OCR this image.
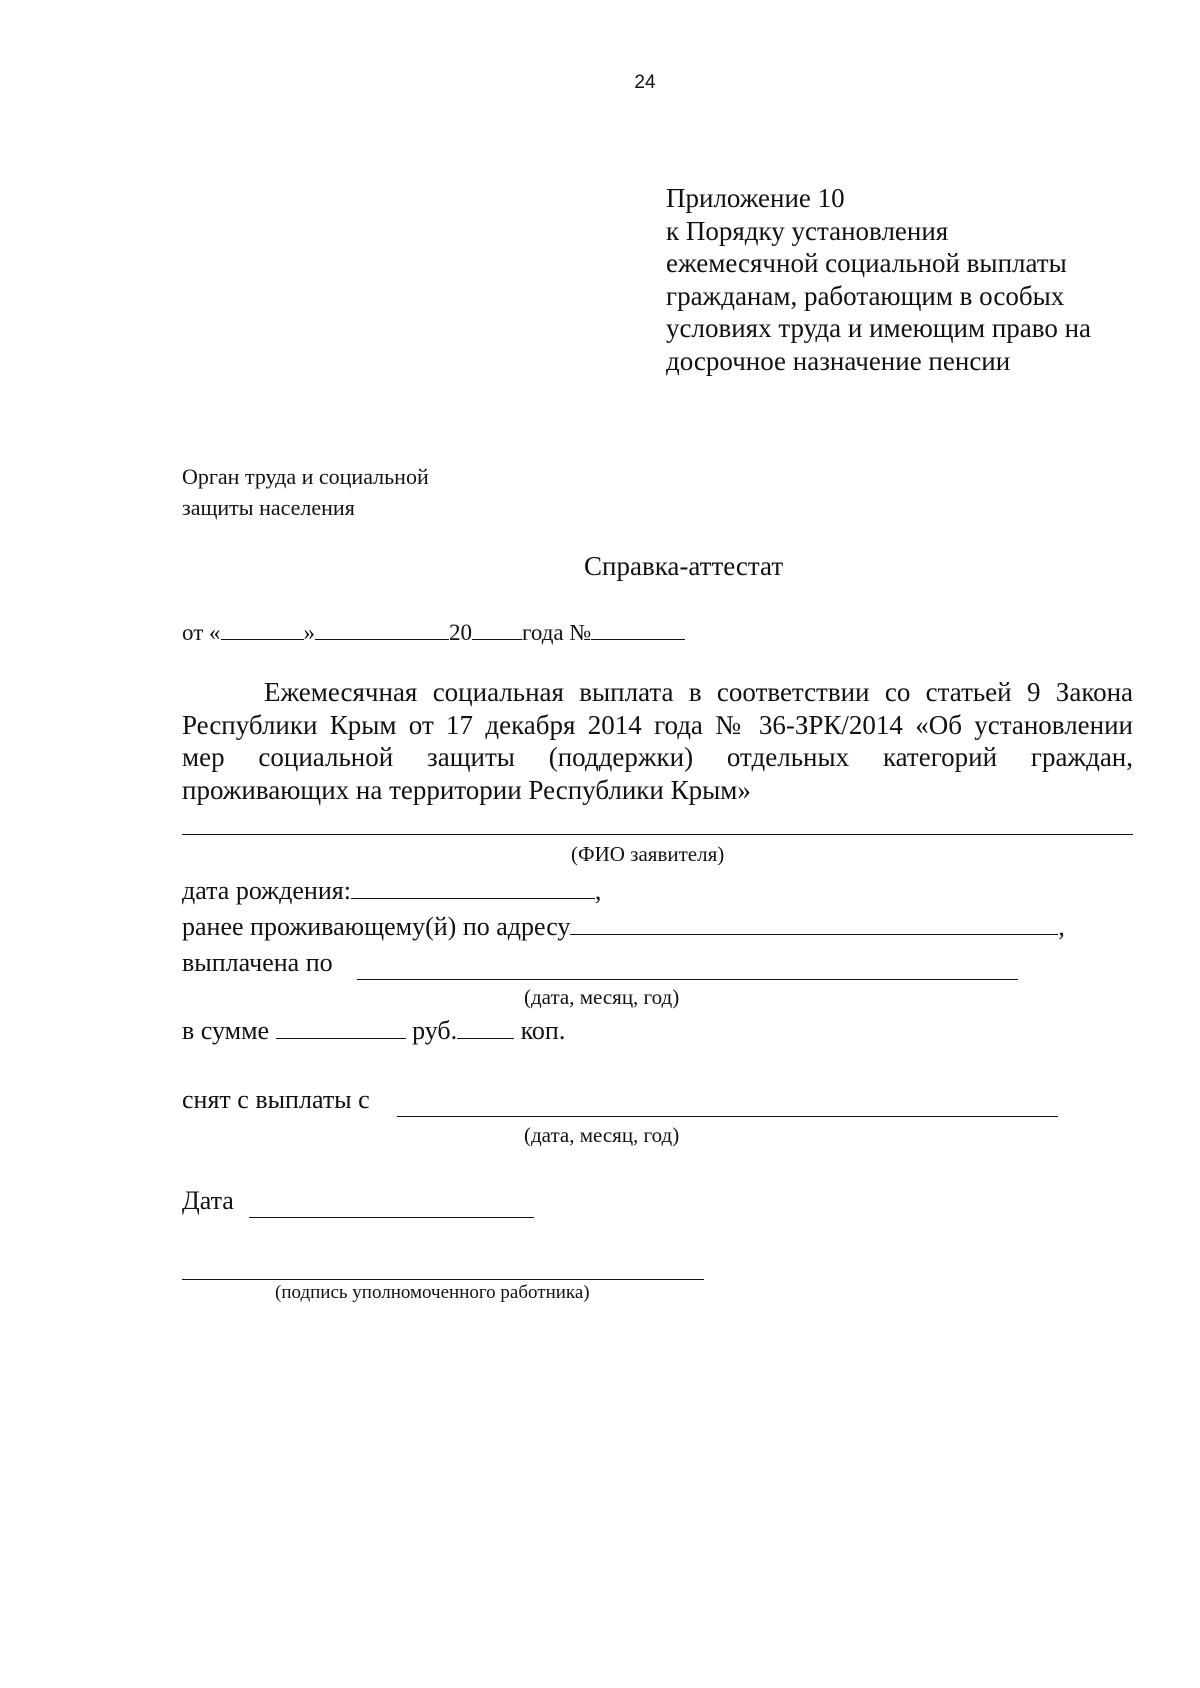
24
Приложение 10
к Порядку установления
ежемесячной социальной выплаты
гражданам, работающим в особых
условиях труда и имеющим право на
досрочное назначение пенсии
Орган труда и социальной
защиты населения
Справка-аттестат
от «	»	20 года №
Ежемесячная социальная выплата в соответствии со статьей 9 Закона
Республики Крым от 17 декабря 2014 года № 36-ЗРК/2014 «Об установлении
мер социальной защиты (поддержки) отдельных категорий граждан,
проживающих на территории Республики Крым»
(ФИО заявителя)
дата рождения:	,
ранее проживающему(й) по адресу	,
выплачена по
(дата, месяц, год)
в сумме	руб. коп.
снят с выплаты с
(дата, месяц, год)
Дата
(подпись уполномоченного работника)
